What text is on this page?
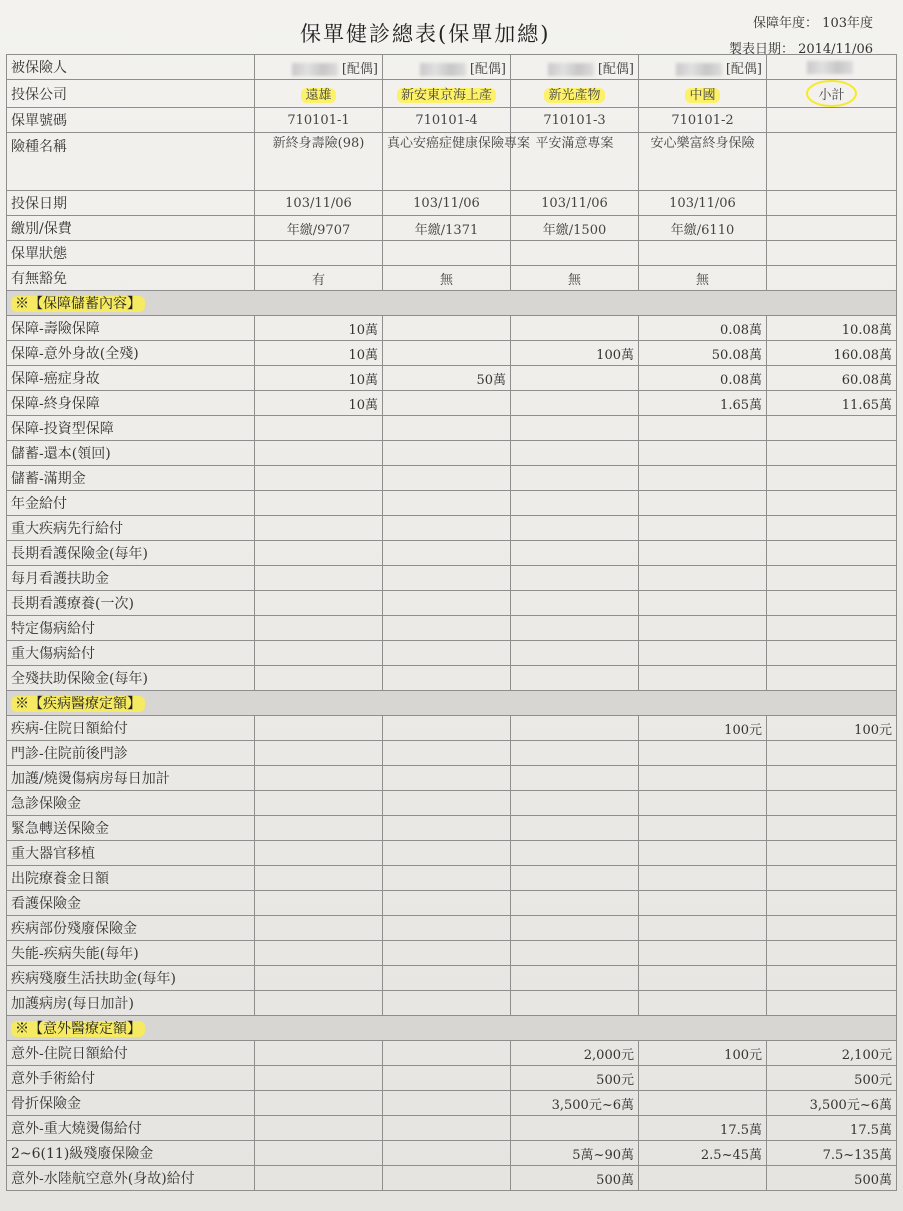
保單健診總表(保單加總)	保障年度： 103年度
製表日期： 2014/11/06
被保險人	[配偶]	[配偶]	[配偶]	[配偶]	
投保公司	遠雄	新安東京海上產	新光產物	中國	小計
保單號碼	710101-1	710101-4	710101-3	710101-2	
險種名稱	新終身壽險(98)	真心安癌症健康保險專案	平安滿意專案	安心樂富終身保險	
投保日期	103/11/06	103/11/06	103/11/06	103/11/06	
繳別/保費	年繳/9707	年繳/1371	年繳/1500	年繳/6110	
保單狀態					
有無豁免	有	無	無	無	
※【保障儲蓄內容】					
保障-壽險保障	10萬			0.08萬	10.08萬
保障-意外身故(全殘)	10萬		100萬	50.08萬	160.08萬
保障-癌症身故	10萬	50萬		0.08萬	60.08萬
保障-終身保障	10萬			1.65萬	11.65萬
保障-投資型保障					
儲蓄-還本(領回)					
儲蓄-滿期金					
年金給付					
重大疾病先行給付					
長期看護保險金(每年)					
每月看護扶助金					
長期看護療養(一次)					
特定傷病給付					
重大傷病給付					
全殘扶助保險金(每年)					
※【疾病醫療定額】					
疾病-住院日額給付				100元	100元
門診-住院前後門診					
加護/燒燙傷病房每日加計					
急診保險金					
緊急轉送保險金					
重大器官移植					
出院療養金日額					
看護保險金					
疾病部份殘廢保險金					
失能-疾病失能(每年)					
疾病殘廢生活扶助金(每年)					
加護病房(每日加計)					
※【意外醫療定額】					
意外-住院日額給付			2,000元	100元	2,100元
意外手術給付			500元		500元
骨折保險金			3,500元~6萬		3,500元~6萬
意外-重大燒燙傷給付				17.5萬	17.5萬
2~6(11)級殘廢保險金			5萬~90萬	2.5~45萬	7.5~135萬
意外-水陸航空意外(身故)給付			500萬		500萬
